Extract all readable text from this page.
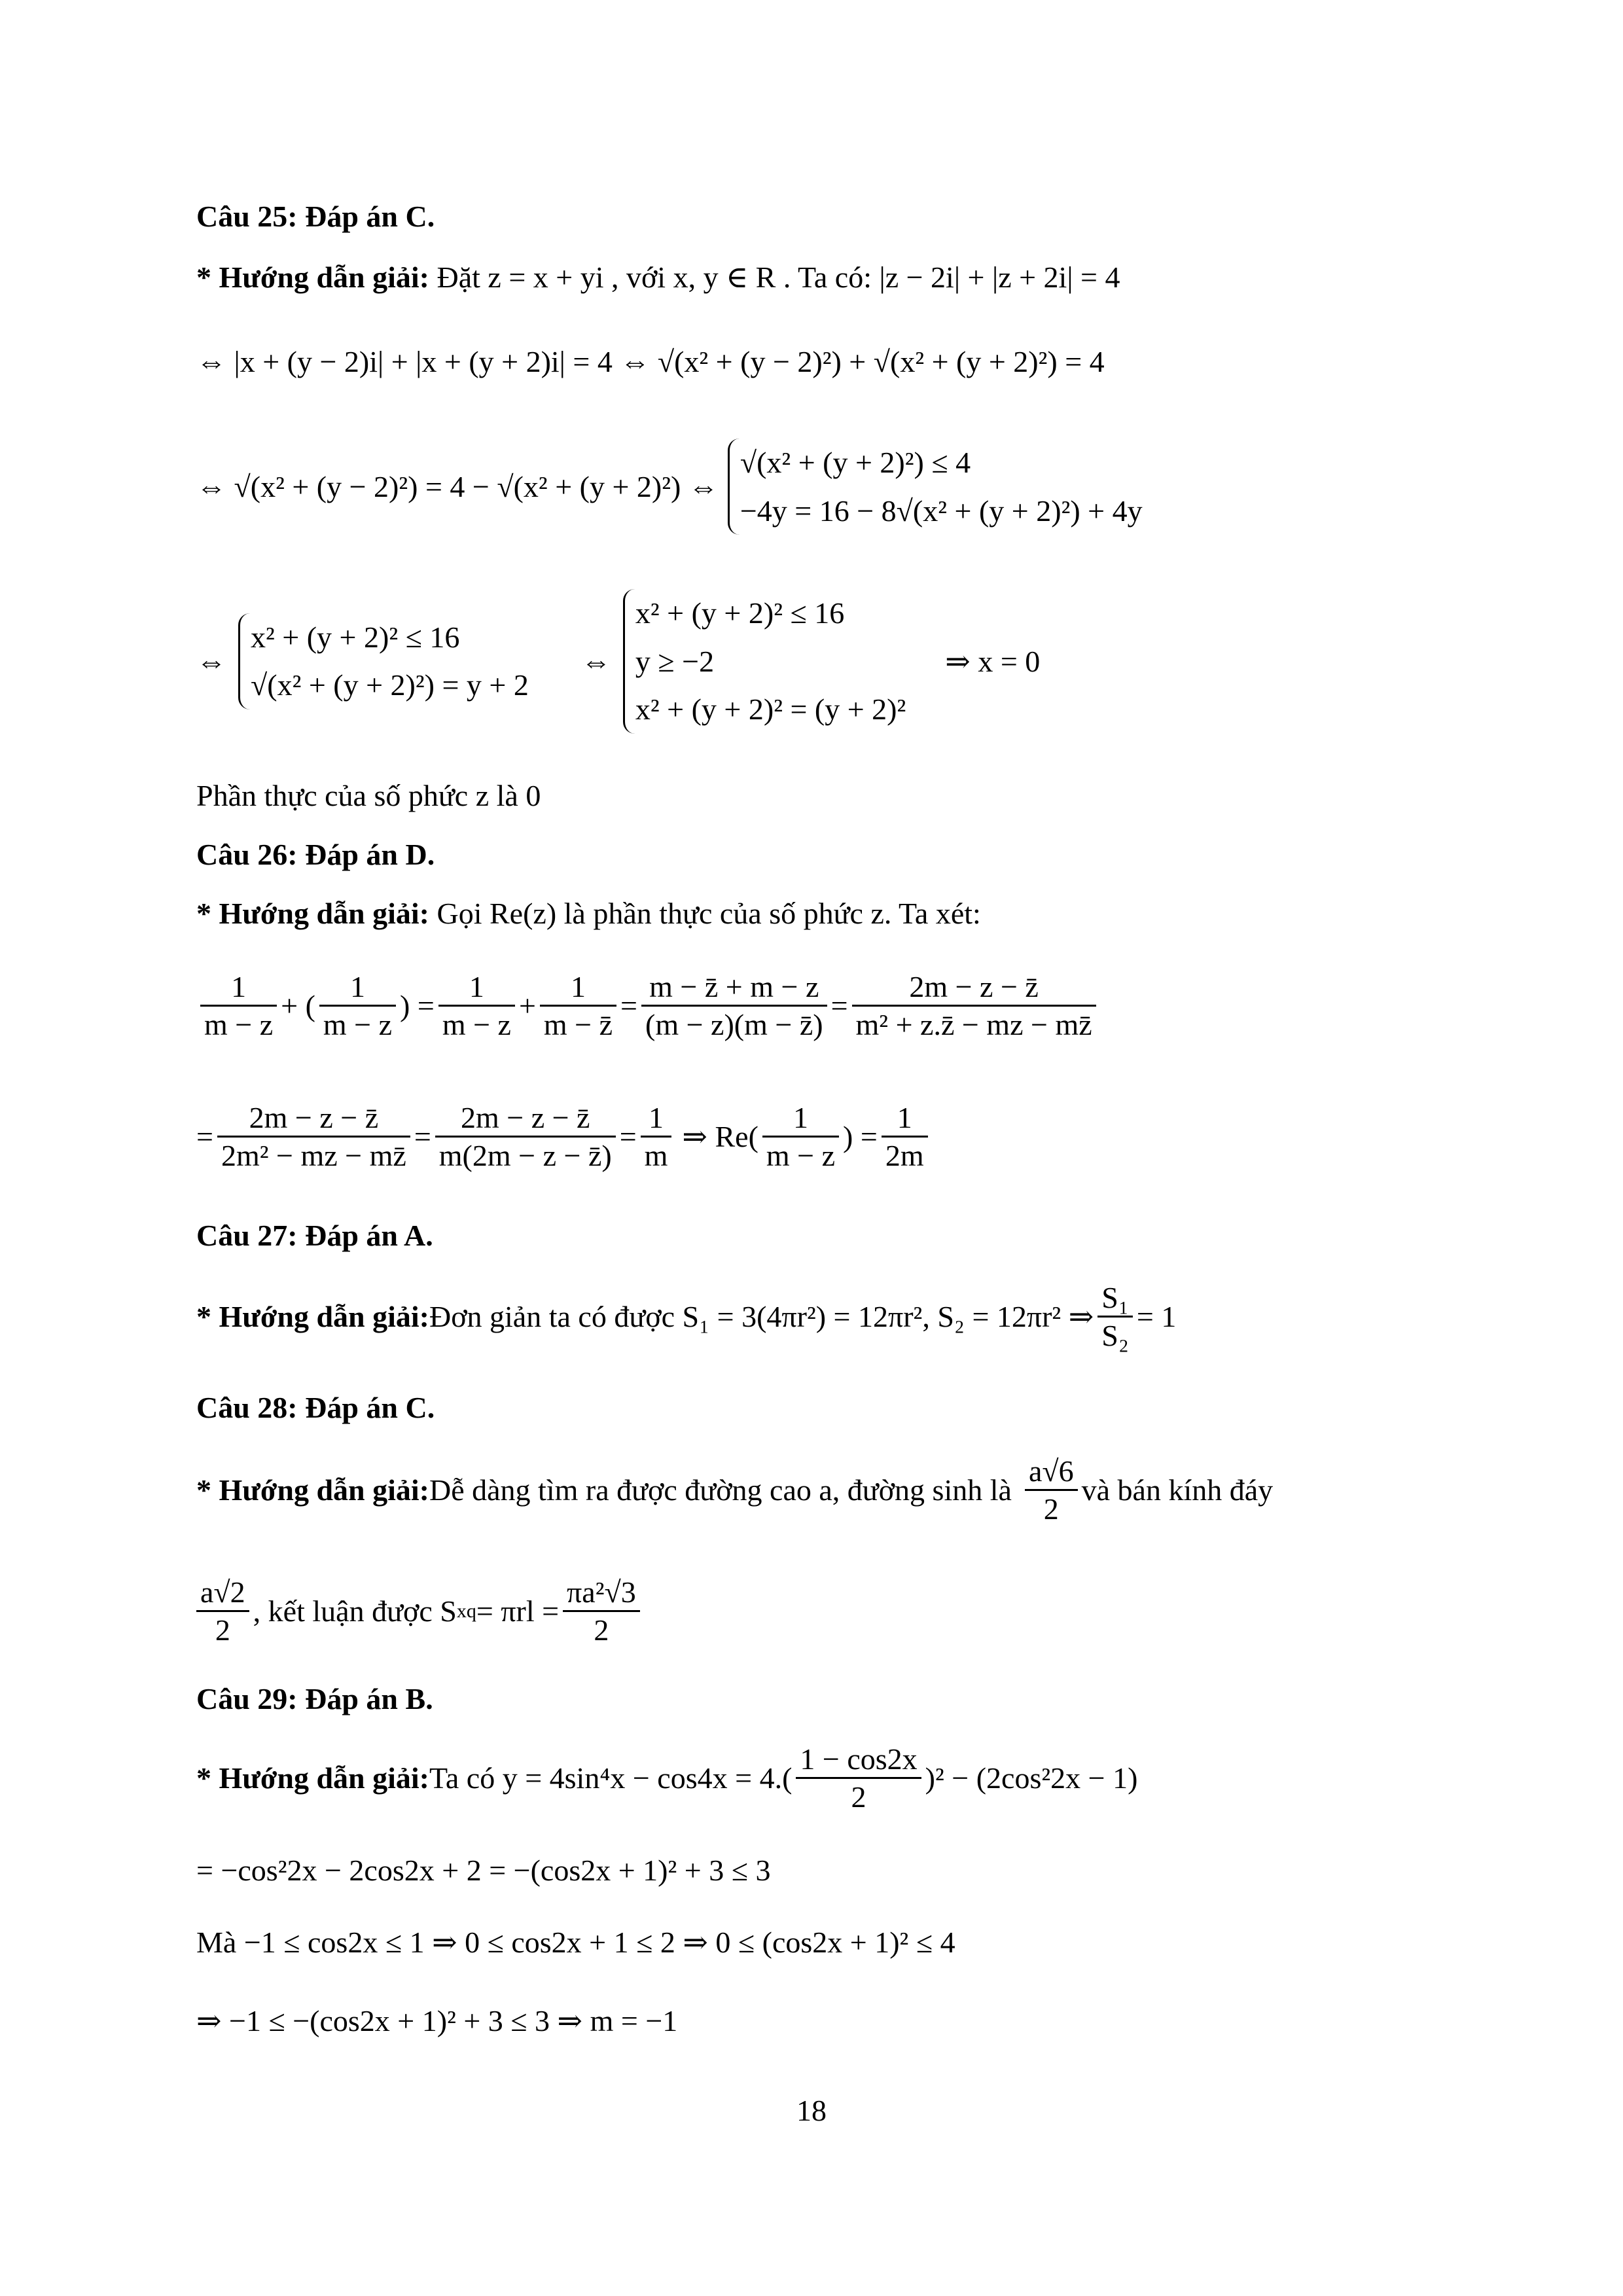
Câu 25: Đáp án C.
* Hướng dẫn giải: Đặt z = x + yi , với x, y ∈ R . Ta có: |z − 2i| + |z + 2i| = 4
⇔ |x + (y − 2)i| + |x + (y + 2)i| = 4 ⇔ √(x² + (y − 2)²) + √(x² + (y + 2)²) = 4
⇔ √(x² + (y − 2)²) = 4 − √(x² + (y + 2)²) ⇔
√(x² + (y + 2)²) ≤ 4
−4y = 16 − 8√(x² + (y + 2)²) + 4y
⇔
x² + (y + 2)² ≤ 16
√(x² + (y + 2)²) = y + 2
⇔
x² + (y + 2)² ≤ 16
y ≥ −2
x² + (y + 2)² = (y + 2)²
⇒ x = 0
Phần thực của số phức z là 0
Câu 26: Đáp án D.
* Hướng dẫn giải: Gọi Re(z) là phần thực của số phức z. Ta xét:
$\frac{1}{m - z}$ + ( $\frac{1}{m - z}$ ) = $\frac{1}{m - z} + \frac{1}{m - z̄} = \frac{m - z̄ + m - z}{(m - z)(m - z̄)} = \frac{2m - z - z̄}{\text{m² + z.z̄ − mz − mz̄}}$
= $\frac{2m - z - z̄}{\text{2m² − mz − mz̄}} = \frac{2m - z - z̄}{m(2m - z - z̄)} = \frac{1}{m}$ ⇒ Re ( $\frac{1}{m - z}$ ) = $\frac{1}{2m}$
Câu 27: Đáp án A.
* Hướng dẫn giải: Đơn giản ta có được S₁ = 3(4πr²) = 12πr², S₂ = 12πr² ⇒ $\frac{\text{S₁}}{\text{S₂}} = 1$
Câu 28: Đáp án C.
* Hướng dẫn giải: Dễ dàng tìm ra được đường cao a, đường sinh là $\frac{a√6}{2}$ và bán kính đáy
$\frac{a√2}{2}$ , kết luận được S xq = $\pi rl = \frac{\text{πa²√3}}{2}$
Câu 29: Đáp án B.
* Hướng dẫn giải: Ta có y = 4sin⁴x − cos4x = 4. ( $\frac{1 - \cos 2x}{2}$ ) ² − (2cos²2x − 1)
= −cos²2x − 2cos2x + 2 = −(cos2x + 1)² + 3 ≤ 3
Mà −1 ≤ cos2x ≤ 1 ⇒ 0 ≤ cos2x + 1 ≤ 2 ⇒ 0 ≤ (cos2x + 1)² ≤ 4
⇒ −1 ≤ −(cos2x + 1)² + 3 ≤ 3 ⇒ m = −1
18
